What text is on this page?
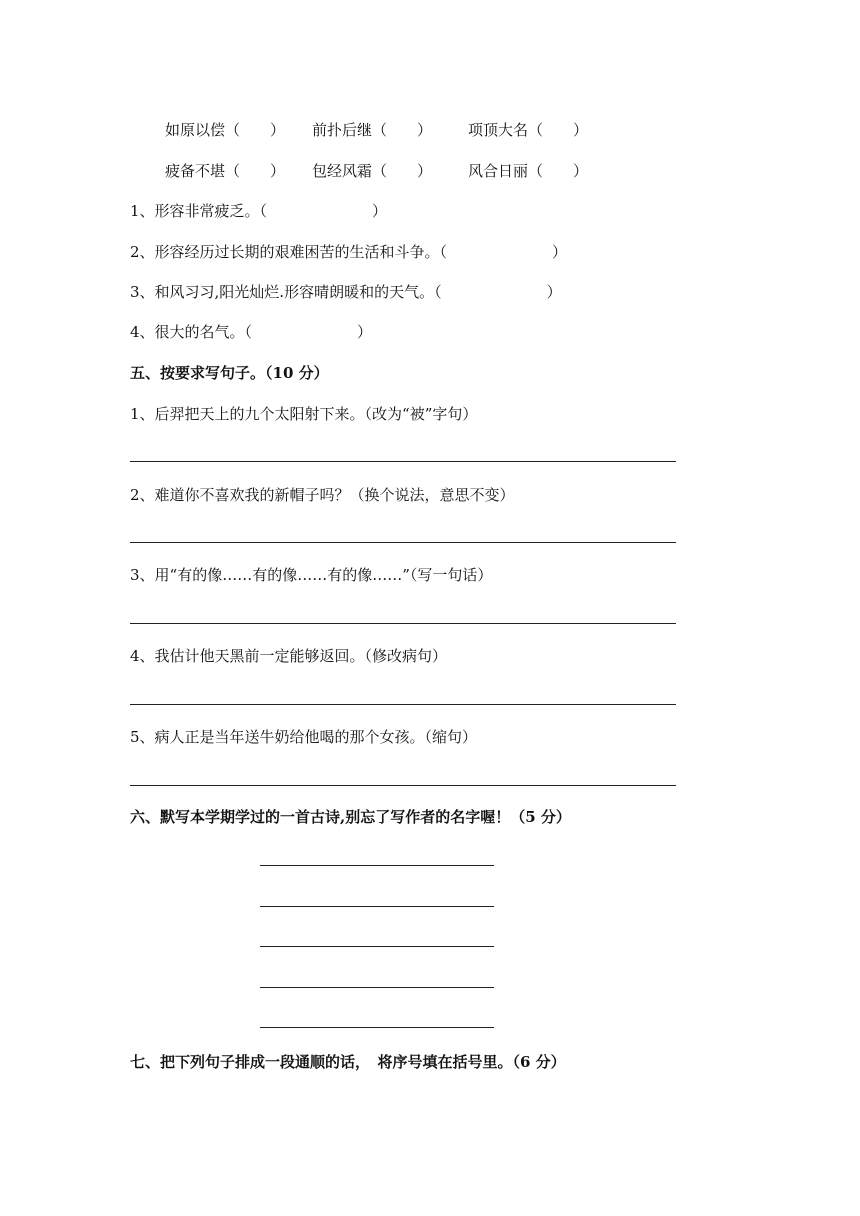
如原以偿（　　）

前扑后继（　　）

项顶大名（　　）

疲备不堪（　　）

包经风霜（　　）

风合日丽（　　）

1、形容非常疲乏。（　　　　　　　）
2、形容经历过长期的艰难困苦的生活和斗争。（　　　　　　　）
3、和风习习,阳光灿烂.形容晴朗暖和的天气。（　　　　　　　）
4、很大的名气。（　　　　　　　）
五、按要求写句子。（10 分）
1、后羿把天上的九个太阳射下来。（改为“被”字句）
2、难道你不喜欢我的新帽子吗？（换个说法，意思不变）
3、用“有的像……有的像……有的像……”（写一句话）
4、我估计他天黑前一定能够返回。（修改病句）
5、病人正是当年送牛奶给他喝的那个女孩。（缩句）
六、默写本学期学过的一首古诗,别忘了写作者的名字喔！（5 分）
七、把下列句子排成一段通顺的话，　将序号填在括号里。（6 分）
